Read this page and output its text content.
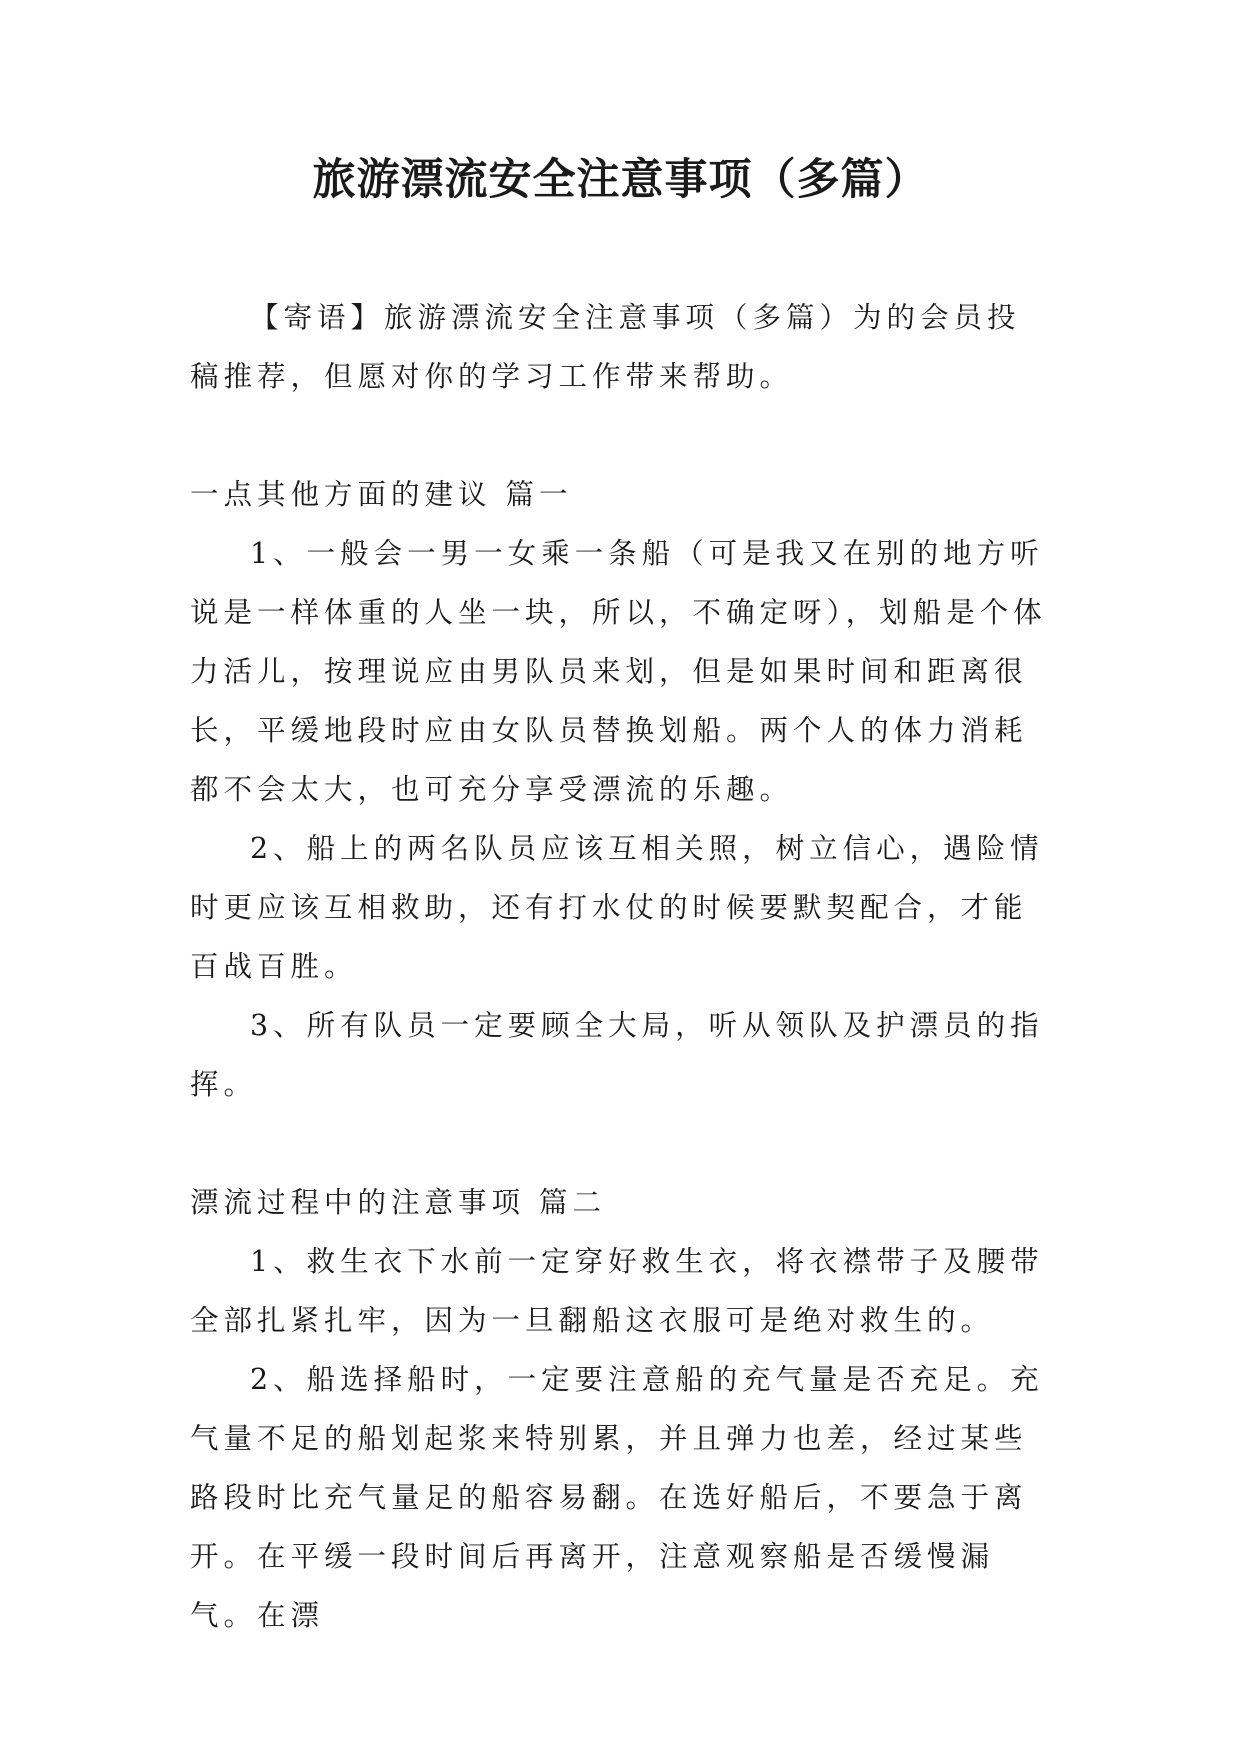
旅游漂流安全注意事项（多篇）

【寄语】旅游漂流安全注意事项（多篇）为的会员投稿推荐，但愿对你的学习工作带来帮助。

一点其他方面的建议 篇一

1、一般会一男一女乘一条船（可是我又在别的地方听说是一样体重的人坐一块，所以，不确定呀），划船是个体力活儿，按理说应由男队员来划，但是如果时间和距离很长，平缓地段时应由女队员替换划船。两个人的体力消耗都不会太大，也可充分享受漂流的乐趣。

2、船上的两名队员应该互相关照，树立信心，遇险情时更应该互相救助，还有打水仗的时候要默契配合，才能百战百胜。

3、所有队员一定要顾全大局，听从领队及护漂员的指挥。

漂流过程中的注意事项 篇二

1、救生衣下水前一定穿好救生衣，将衣襟带子及腰带全部扎紧扎牢，因为一旦翻船这衣服可是绝对救生的。

2、船选择船时，一定要注意船的充气量是否充足。充气量不足的船划起浆来特别累，并且弹力也差，经过某些路段时比充气量足的船容易翻。在选好船后，不要急于离开。在平缓一段时间后再离开，注意观察船是否缓慢漏气。在漂
